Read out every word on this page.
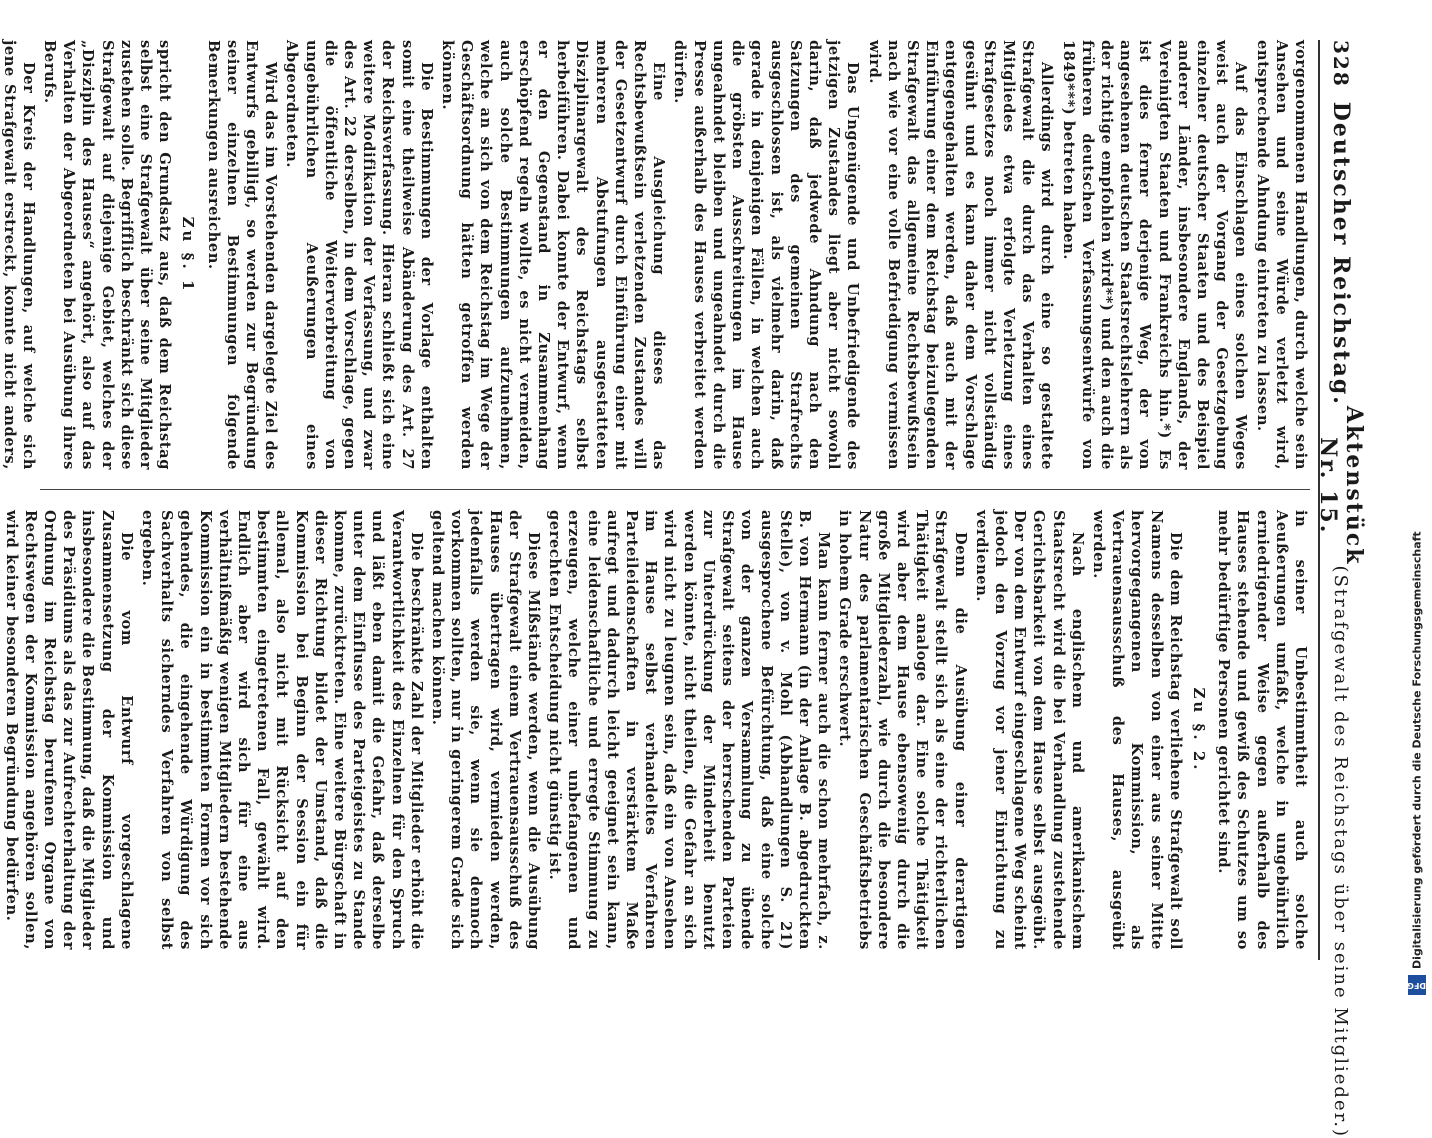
328
Deutscher Reichstag.
Aktenstück Nr. 15.
(Strafgewalt des Reichstags über seine Mitglieder.)

vorgenommenen Handlungen, durch welche sein Ansehen und seine Würde verletzt wird, entsprechende Ahndung eintreten zu lassen.

Auf das Einschlagen eines solchen Weges weist auch der Vorgang der Gesetzgebung einzelner deutscher Staaten und des Beispiel anderer Länder, insbesondere Englands, der Vereinigten Staaten und Frankreichs hin.*) Es ist dies ferner derjenige Weg, der von angesehenen deutschen Staatsrechtslehrern als der richtige empfohlen wird**) und den auch die früheren deutschen Verfassungsentwürfe von 1849***) betreten haben.

Allerdings wird durch eine so gestaltete Strafgewalt die durch das Verhalten eines Mitgliedes etwa erfolgte Verletzung eines Strafgesetzes noch immer nicht vollständig gesühnt und es kann daher dem Vorschlage entgegengehalten werden, daß auch mit der Einführung einer dem Reichstag beizulegenden Strafgewalt das allgemeine Rechtsbewußtsein nach wie vor eine volle Befriedigung vermissen wird.

Das Ungenügende und Unbefriedigende des jetzigen Zustandes liegt aber nicht sowohl darin, daß jedwede Ahndung nach den Satzungen des gemeinen Strafrechts ausgeschlossen ist, als vielmehr darin, daß gerade in denjenigen Fällen, in welchen auch die gröbsten Ausschreitungen im Hause ungeahndet bleiben und ungeahndet durch die Presse außerhalb des Hauses verbreitet werden dürfen.

Eine Ausgleichung dieses das Rechtsbewußtsein verletzenden Zustandes will der Gesetzentwurf durch Einführung einer mit mehreren Abstufungen ausgestatteten Disziplinargewalt des Reichstags selbst herbeiführen. Dabei konnte der Entwurf, wenn er den Gegenstand in Zusammenhang erschöpfend regeln wollte, es nicht vermeiden, auch solche Bestimmungen aufzunehmen, welche an sich von dem Reichstag im Wege der Geschäftsordnung hätten getroffen werden können.

Die Bestimmungen der Vorlage enthalten somit eine theilweise Abänderung des Art. 27 der Reichsverfassung. Hieran schließt sich eine weitere Modifikation der Verfassung, und zwar des Art. 22 derselben, in dem Vorschlage, gegen die öffentliche Weiterverbreitung von ungebührlichen Aeußerungen eines Abgeordneten.

Wird das im Vorstehenden dargelegte Ziel des Entwurfs gebilligt, so werden zur Begründung seiner einzelnen Bestimmungen folgende Bemerkungen ausreichen.

Zu §. 1

spricht den Grundsatz aus, daß dem Reichstag selbst eine Strafgewalt über seine Mitglieder zustehen solle. Begrifflich beschränkt sich diese Strafgewalt auf diejenige Gebiet, welches der „Disziplin des Hauses“ angehört, also auf das Verhalten der Abgeordneten bei Ausübung ihres Berufs.

Der Kreis der Handlungen, auf welche sich jene Strafgewalt erstreckt, konnte nicht anders,

in seiner Unbestimmtheit auch solche Aeußerungen umfaßt, welche in ungebührlich erniedrigender Weise gegen außerhalb des Hauses stehende und gewiß des Schutzes um so mehr bedürftige Personen gerichtet sind.

Zu §. 2.

Die dem Reichstag verliehene Strafgewalt soll Namens desselben von einer aus seiner Mitte hervorgegangenen Kommission, als Vertrauensausschuß des Hauses, ausgeübt werden.

Nach englischem und amerikanischem Staatsrecht wird die bei Verhandlung zustehende Gerichtsbarkeit von dem Hause selbst ausgeübt. Der von dem Entwurf eingeschlagene Weg scheint jedoch den Vorzug vor jener Einrichtung zu verdienen.

Denn die Ausübung einer derartigen Strafgewalt stellt sich als eine der richterlichen Thätigkeit analoge dar. Eine solche Thätigkeit wird aber dem Hause ebensowenig durch die große Mitgliederzahl, wie durch die besondere Natur des parlamentarischen Geschäftsbetriebs in hohem Grade erschwert.

Man kann ferner auch die schon mehrfach, z. B. von Hermann (in der Anlage B. abgedruckten Stelle), von v. Mohl (Abhandlungen S. 21) ausgesprochene Befürchtung, daß eine solche von der ganzen Versammlung zu übende Strafgewalt seitens der herrschenden Parteien zur Unterdrückung der Minderheit benutzt werden könnte, nicht theilen, die Gefahr an sich wird nicht zu leugnen sein, daß ein von Ansehen im Hause selbst verhandeltes Verfahren Parteileidenschaften in verstärktem Maße aufregt und dadurch leicht geeignet sein kann, eine leidenschaftliche und erregte Stimmung zu erzeugen, welche einer unbefangenen und gerechten Entscheidung nicht günstig ist.

Diese Mißstände werden, wenn die Ausübung der Strafgewalt einem Vertrauensausschuß des Hauses übertragen wird, vermieden werden, jedenfalls werden sie, wenn sie dennoch vorkommen sollten, nur in geringerem Grade sich geltend machen können.

Die beschränkte Zahl der Mitglieder erhöht die Verantwortlichkeit des Einzelnen für den Spruch und läßt eben damit die Gefahr, daß derselbe unter dem Einflusse des Parteigeistes zu Stande komme, zurücktreten. Eine weitere Bürgschaft in dieser Richtung bildet der Umstand, daß die Kommission bei Beginn der Session ein für allemal, also nicht mit Rücksicht auf den bestimmten eingetretenen Fall, gewählt wird. Endlich aber wird sich für eine aus verhältnißmäßig wenigen Mitgliedern bestehende Kommission ein in bestimmten Formen vor sich gehendes, die eingehende Würdigung des Sachverhalts sicherndes Verfahren von selbst ergeben.

Die vom Entwurf vorgeschlagene Zusammensetzung der Kommission und insbesondere die Bestimmung, daß die Mitglieder des Präsidiums als das zur Aufrechterhaltung der Ordnung im Reichstag berufenen Organe von Rechtswegen der Kommission angehören sollen, wird keiner besonderen Begründung bedürfen.

DFG
Digitalisierung gefördert durch die Deutsche Forschungsgemeinschaft
